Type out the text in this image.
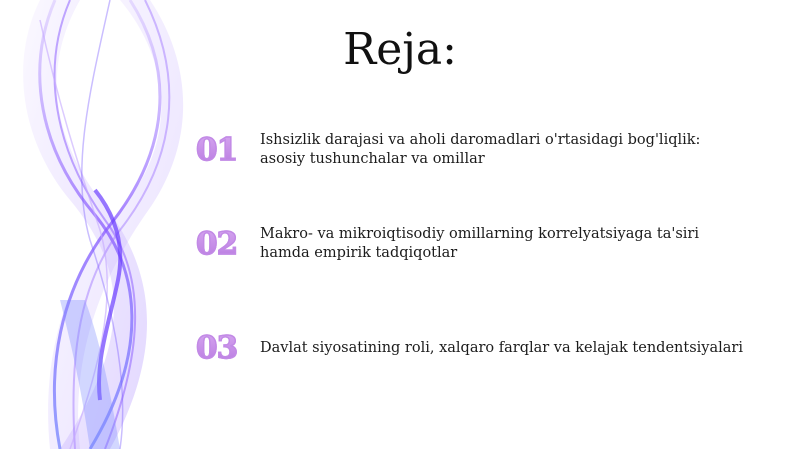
Reja:
01	Ishsizlik darajasi va aholi daromadlari o'rtasidagi bog'liqlik:
asosiy tushunchalar va omillar
02	Makro- va mikroiqtisodiy omillarning korrelyatsiyaga ta'siri
hamda empirik tadqiqotlar
03	Davlat siyosatining roli, xalqaro farqlar va kelajak tendentsiyalari
